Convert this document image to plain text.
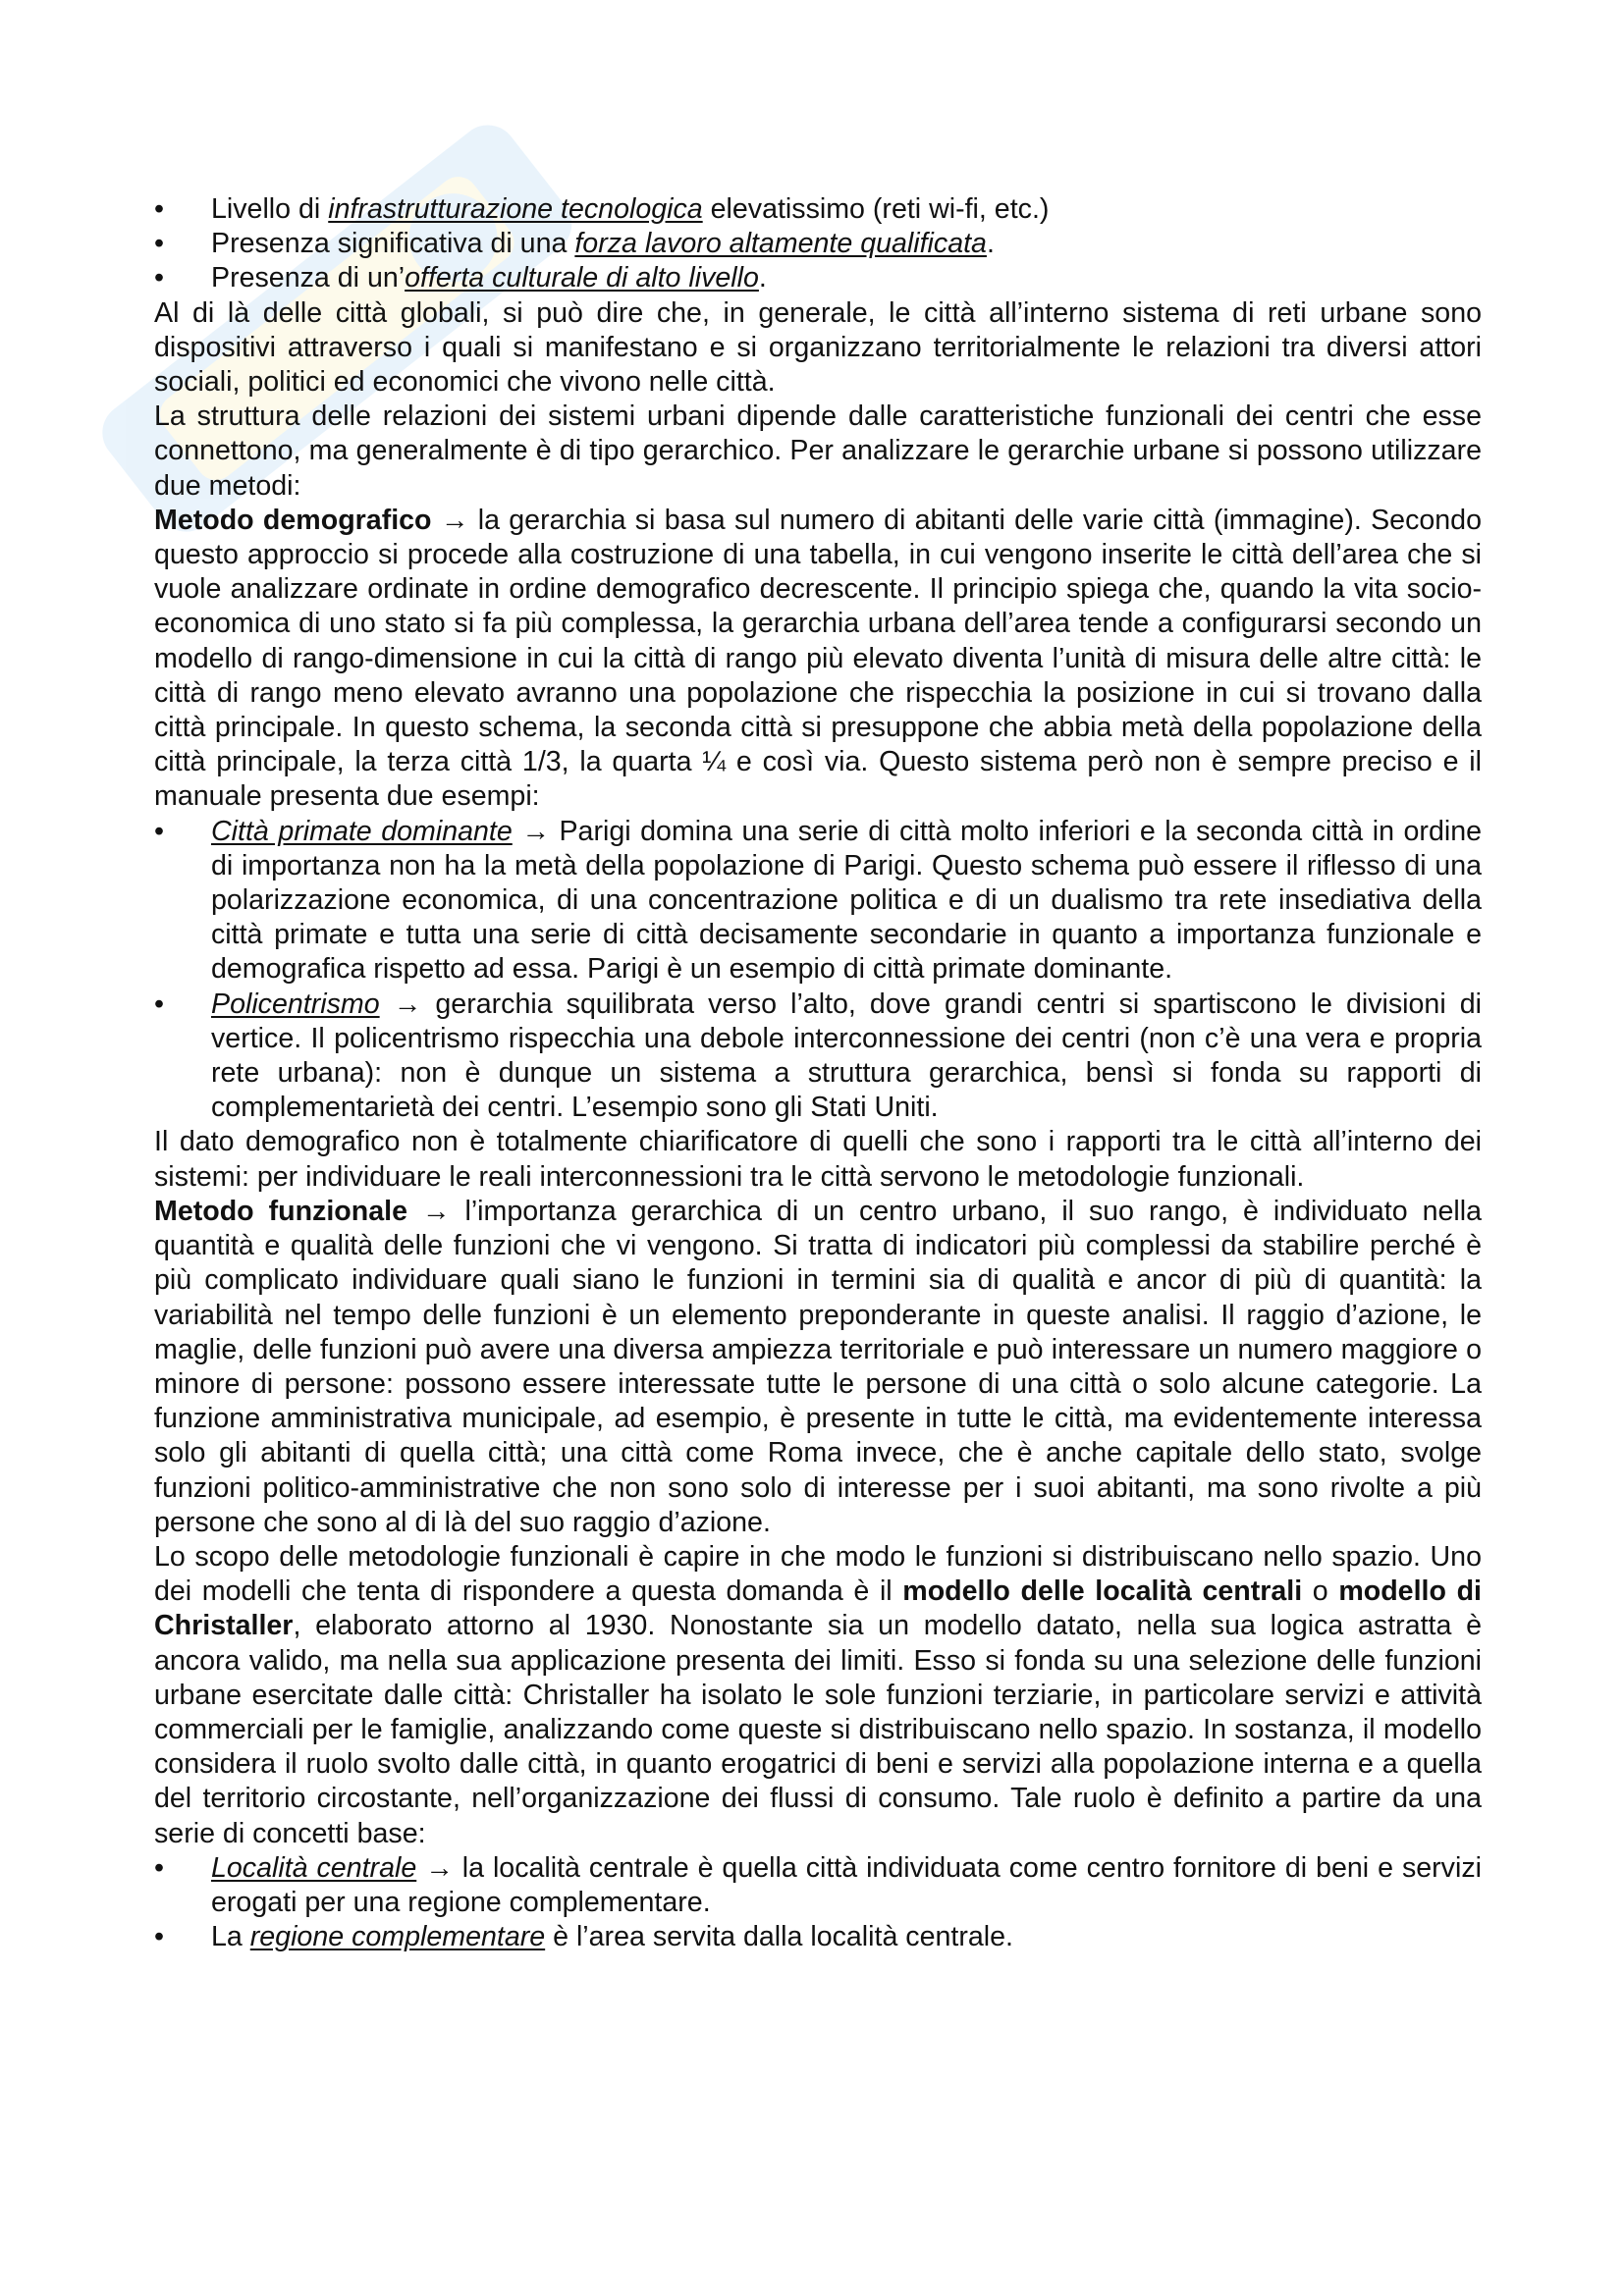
•	Livello di infrastrutturazione tecnologica elevatissimo (reti wi-fi, etc.)
•	Presenza significativa di una forza lavoro altamente qualificata.
•	Presenza di un’offerta culturale di alto livello.

Al di là delle città globali, si può dire che, in generale, le città all’interno sistema di reti urbane sono dispositivi attraverso i quali si manifestano e si organizzano territorialmente le relazioni tra diversi attori sociali, politici ed economici che vivono nelle città.

La struttura delle relazioni dei sistemi urbani dipende dalle caratteristiche funzionali dei centri che esse connettono, ma generalmente è di tipo gerarchico. Per analizzare le gerarchie urbane si possono utilizzare due metodi:

Metodo demografico → la gerarchia si basa sul numero di abitanti delle varie città (immagine). Secondo questo approccio si procede alla costruzione di una tabella, in cui vengono inserite le città dell’area che si vuole analizzare ordinate in ordine demografico decrescente. Il principio spiega che, quando la vita socio-economica di uno stato si fa più complessa, la gerarchia urbana dell’area tende a configurarsi secondo un modello di rango-dimensione in cui la città di rango più elevato diventa l’unità di misura delle altre città: le città di rango meno elevato avranno una popolazione che rispecchia la posizione in cui si trovano dalla città principale. In questo schema, la seconda città si presuppone che abbia metà della popolazione della città principale, la terza città 1/3, la quarta ¼ e così via. Questo sistema però non è sempre preciso e il manuale presenta due esempi:

•	Città primate dominante → Parigi domina una serie di città molto inferiori e la seconda città in ordine di importanza non ha la metà della popolazione di Parigi. Questo schema può essere il riflesso di una polarizzazione economica, di una concentrazione politica e di un dualismo tra rete insediativa della città primate e tutta una serie di città decisamente secondarie in quanto a importanza funzionale e demografica rispetto ad essa. Parigi è un esempio di città primate dominante.
•	Policentrismo → gerarchia squilibrata verso l’alto, dove grandi centri si spartiscono le divisioni di vertice. Il policentrismo rispecchia una debole interconnessione dei centri (non c’è una vera e propria rete urbana): non è dunque un sistema a struttura gerarchica, bensì si fonda su rapporti di complementarietà dei centri. L’esempio sono gli Stati Uniti.

Il dato demografico non è totalmente chiarificatore di quelli che sono i rapporti tra le città all’interno dei sistemi: per individuare le reali interconnessioni tra le città servono le metodologie funzionali.

Metodo funzionale → l’importanza gerarchica di un centro urbano, il suo rango, è individuato nella quantità e qualità delle funzioni che vi vengono. Si tratta di indicatori più complessi da stabilire perché è più complicato individuare quali siano le funzioni in termini sia di qualità e ancor di più di quantità: la variabilità nel tempo delle funzioni è un elemento preponderante in queste analisi. Il raggio d’azione, le maglie, delle funzioni può avere una diversa ampiezza territoriale e può interessare un numero maggiore o minore di persone: possono essere interessate tutte le persone di una città o solo alcune categorie. La funzione amministrativa municipale, ad esempio, è presente in tutte le città, ma evidentemente interessa solo gli abitanti di quella città; una città come Roma invece, che è anche capitale dello stato, svolge funzioni politico-amministrative che non sono solo di interesse per i suoi abitanti, ma sono rivolte a più persone che sono al di là del suo raggio d’azione.

Lo scopo delle metodologie funzionali è capire in che modo le funzioni si distribuiscano nello spazio. Uno dei modelli che tenta di rispondere a questa domanda è il modello delle località centrali o modello di Christaller, elaborato attorno al 1930. Nonostante sia un modello datato, nella sua logica astratta è ancora valido, ma nella sua applicazione presenta dei limiti. Esso si fonda su una selezione delle funzioni urbane esercitate dalle città: Christaller ha isolato le sole funzioni terziarie, in particolare servizi e attività commerciali per le famiglie, analizzando come queste si distribuiscano nello spazio. In sostanza, il modello considera il ruolo svolto dalle città, in quanto erogatrici di beni e servizi alla popolazione interna e a quella del territorio circostante, nell’organizzazione dei flussi di consumo. Tale ruolo è definito a partire da una serie di concetti base:

•	Località centrale → la località centrale è quella città individuata come centro fornitore di beni e servizi erogati per una regione complementare.
•	La regione complementare è l’area servita dalla località centrale.
